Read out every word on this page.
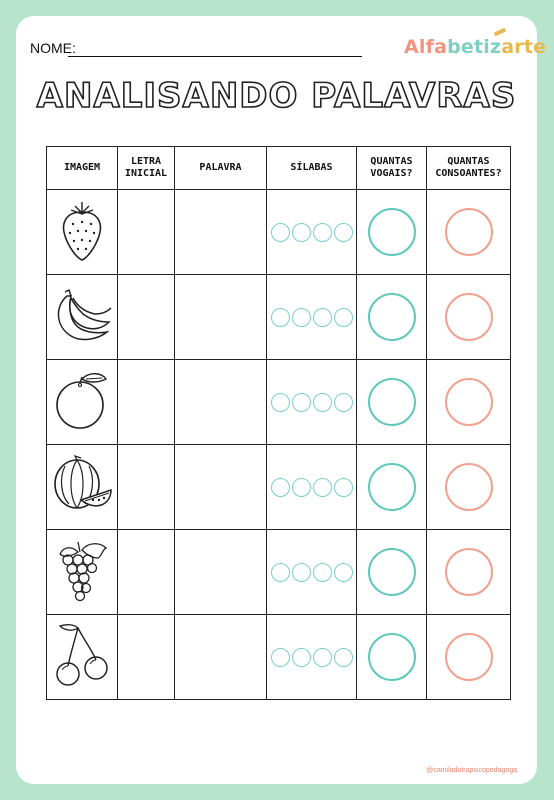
NOME:	Alfabetizarte
ANALISANDO PALAVRAS
IMAGEM	LETRA INICIAL	PALAVRA	SÍLABAS	QUANTAS VOGAIS?	QUANTAS CONSOANTES?

@camiladutrapsicopedagoga
